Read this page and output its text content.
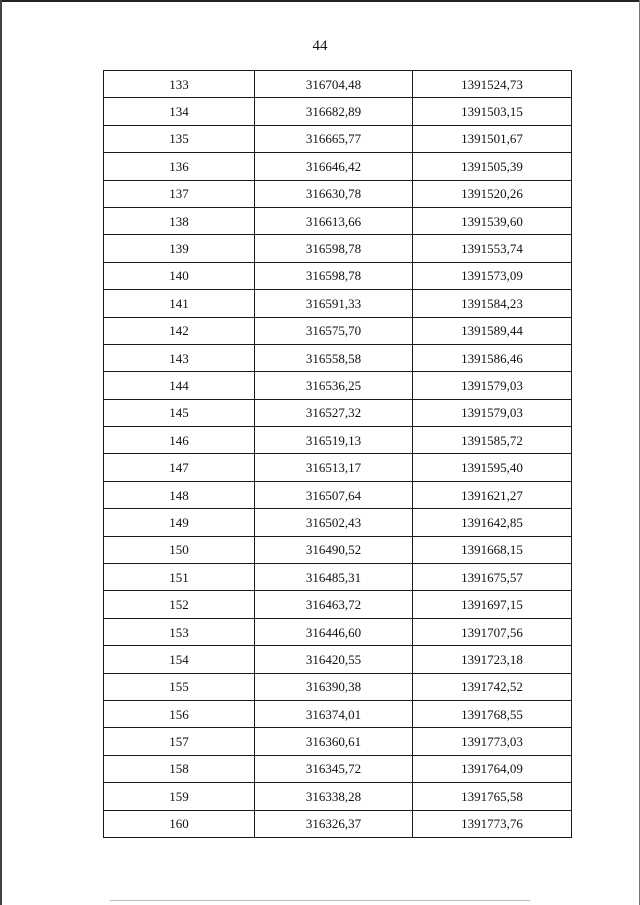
44
133	316704,48	1391524,73
134	316682,89	1391503,15
135	316665,77	1391501,67
136	316646,42	1391505,39
137	316630,78	1391520,26
138	316613,66	1391539,60
139	316598,78	1391553,74
140	316598,78	1391573,09
141	316591,33	1391584,23
142	316575,70	1391589,44
143	316558,58	1391586,46
144	316536,25	1391579,03
145	316527,32	1391579,03
146	316519,13	1391585,72
147	316513,17	1391595,40
148	316507,64	1391621,27
149	316502,43	1391642,85
150	316490,52	1391668,15
151	316485,31	1391675,57
152	316463,72	1391697,15
153	316446,60	1391707,56
154	316420,55	1391723,18
155	316390,38	1391742,52
156	316374,01	1391768,55
157	316360,61	1391773,03
158	316345,72	1391764,09
159	316338,28	1391765,58
160	316326,37	1391773,76
